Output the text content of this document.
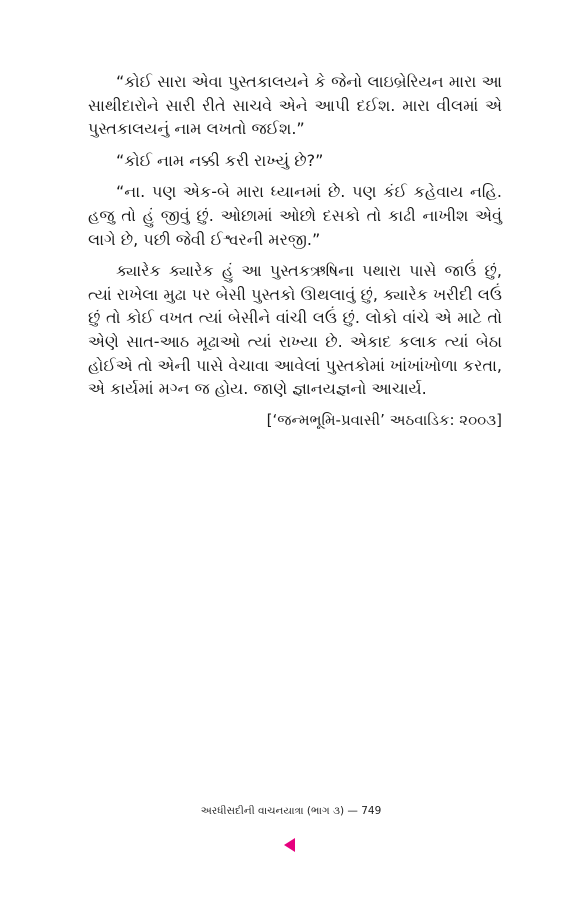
“કોઈ સારા એવા પુસ્તકાલયને કે જેનો લાઇબ્રેરિયન મારા આ સાથીદારોને સારી રીતે સાચવે એને આપી દઈશ. મારા વીલમાં એ પુસ્તકાલયનું નામ લખતો જઈશ.”

“કોઈ નામ નક્કી કરી રાખ્યું છે?”

“ના. પણ એક-બે મારા ધ્યાનમાં છે. પણ કંઈ કહેવાય નહિ. હજુ તો હું જીવું છું. ઓછામાં ઓછો દસકો તો કાઢી નાખીશ એવું લાગે છે, પછી જેવી ઈશ્વરની મરજી.”

ક્યારેક ક્યારેક હું આ પુસ્તકઋષિના પથારા પાસે જાઉં છું, ત્યાં રાખેલા મુઢા પર બેસી પુસ્તકો ઊથલાવું છું, ક્યારેક ખરીદી લઉં છું તો કોઈ વખત ત્યાં બેસીને વાંચી લઉં છું. લોકો વાંચે એ માટે તો એણે સાત-આઠ મૂઢાઓ ત્યાં રાખ્યા છે. એકાદ કલાક ત્યાં બેઠા હોઈએ તો એની પાસે વેચાવા આવેલાં પુસ્તકોમાં ખાંખાંખોળા કરતા, એ કાર્યમાં મગ્ન જ હોય. જાણે જ્ઞાનયજ્ઞનો આચાર્ય.

[‘જન્મભૂમિ-પ્રવાસી’ અઠવાડિક: ૨૦૦૩]

અરધીસદીની વાચનયાત્રા (ભાગ ૩) — 749
